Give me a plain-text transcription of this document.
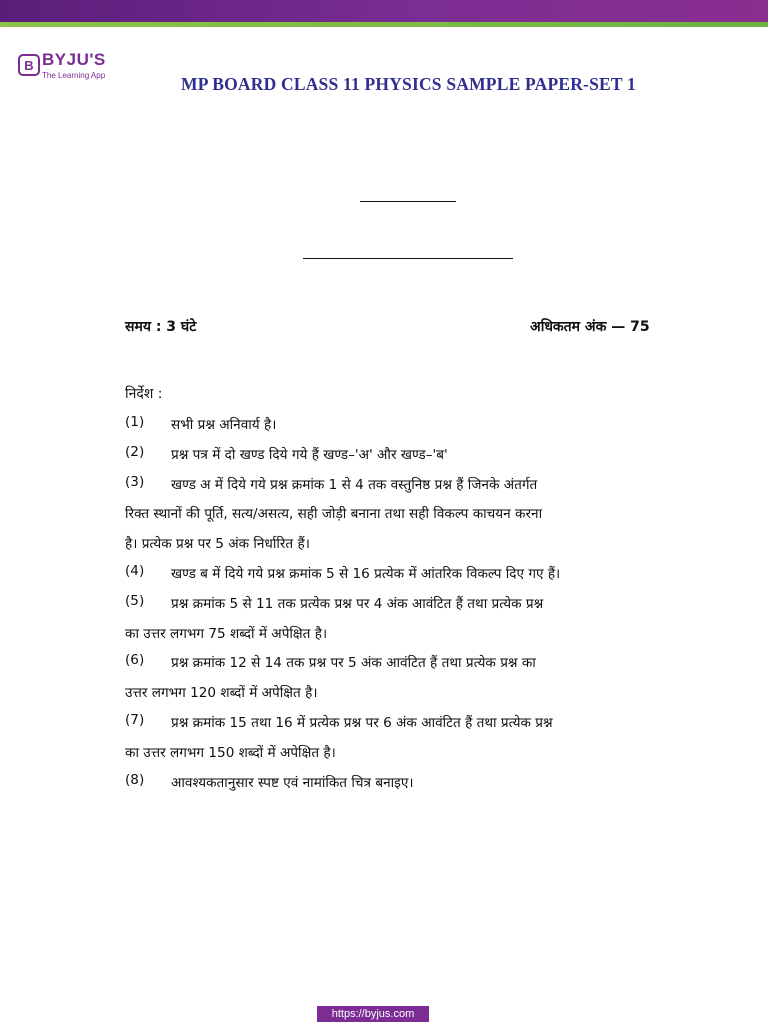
B BYJU'S
The Learning App	MP BOARD CLASS 11 PHYSICS SAMPLE PAPER-SET 1
समय : 3 घंटे	अधिकतम अंक — 75
निर्देश :
(1) सभी प्रश्न अनिवार्य है।
(2) प्रश्न पत्र में दो खण्ड दिये गये हैं खण्ड–'अ' और खण्ड–'ब'
(3) खण्ड अ में दिये गये प्रश्न क्रमांक 1 से 4 तक वस्तुनिष्ठ प्रश्न हैं जिनके अंतर्गत
रिक्त स्थानों की पूर्ति, सत्य/असत्य, सही जोड़ी बनाना तथा सही विकल्प काचयन करना
है। प्रत्येक प्रश्न पर 5 अंक निर्धारित हैं।
(4) खण्ड ब में दिये गये प्रश्न क्रमांक 5 से 16 प्रत्येक में आंतरिक विकल्प दिए गए हैं।
(5) प्रश्न क्रमांक 5 से 11 तक प्रत्येक प्रश्न पर 4 अंक आवंटित हैं तथा प्रत्येक प्रश्न
का उत्तर लगभग 75 शब्दों में अपेक्षित है।
(6) प्रश्न क्रमांक 12 से 14 तक प्रश्न पर 5 अंक आवंटित हैं तथा प्रत्येक प्रश्न का
उत्तर लगभग 120 शब्दों में अपेक्षित है।
(7) प्रश्न क्रमांक 15 तथा 16 में प्रत्येक प्रश्न पर 6 अंक आवंटित हैं तथा प्रत्येक प्रश्न
का उत्तर लगभग 150 शब्दों में अपेक्षित है।
(8) आवश्यकतानुसार स्पष्ट एवं नामांकित चित्र बनाइए।
https://byjus.com
